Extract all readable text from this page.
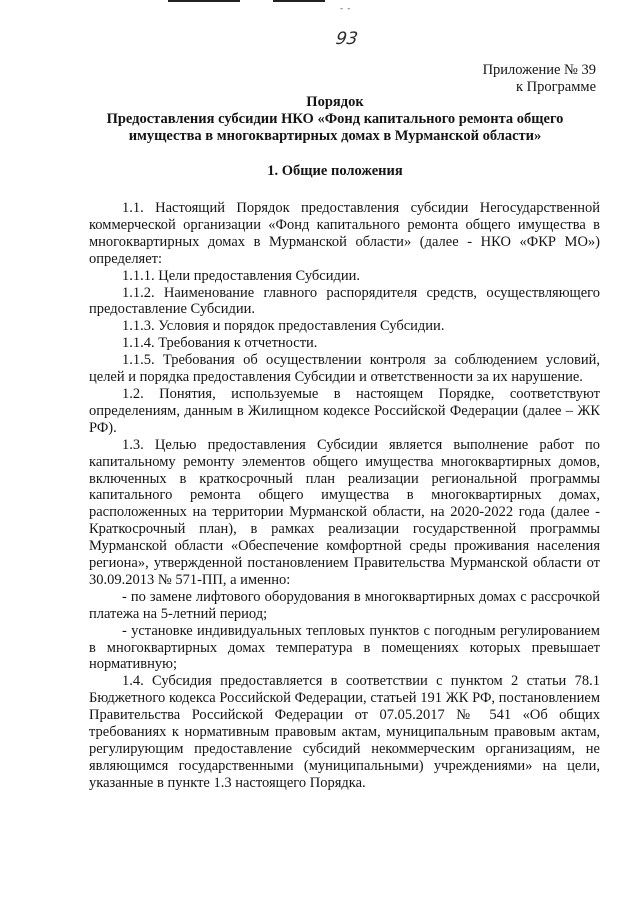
- -
93
Приложение № 39
к Программе
Порядок
Предоставления субсидии НКО «Фонд капитального ремонта общего
имущества в многоквартирных домах в Мурманской области»
1. Общие положения

1.1. Настоящий Порядок предоставления субсидии Негосударственной коммерческой организации «Фонд капитального ремонта общего имущества в многоквартирных домах в Мурманской области» (далее - НКО «ФКР МО») определяет:

1.1.1. Цели предоставления Субсидии.

1.1.2. Наименование главного распорядителя средств, осуществляющего предоставление Субсидии.

1.1.3. Условия и порядок предоставления Субсидии.

1.1.4. Требования к отчетности.

1.1.5. Требования об осуществлении контроля за соблюдением условий, целей и порядка предоставления Субсидии и ответственности за их нарушение.

1.2. Понятия, используемые в настоящем Порядке, соответствуют определениям, данным в Жилищном кодексе Российской Федерации (далее – ЖК РФ).

1.3. Целью предоставления Субсидии является выполнение работ по капитальному ремонту элементов общего имущества многоквартирных домов, включенных в краткосрочный план реализации региональной программы капитального ремонта общего имущества в многоквартирных домах, расположенных на территории Мурманской области, на 2020-2022 года (далее - Краткосрочный план), в рамках реализации государственной программы Мурманской области «Обеспечение комфортной среды проживания населения региона», утвержденной постановлением Правительства Мурманской области от 30.09.2013 № 571-ПП, а именно:

- по замене лифтового оборудования в многоквартирных домах с рассрочкой платежа на 5-летний период;

- установке индивидуальных тепловых пунктов с погодным регулированием в многоквартирных домах температура в помещениях которых превышает нормативную;

1.4. Субсидия предоставляется в соответствии с пунктом 2 статьи 78.1 Бюджетного кодекса Российской Федерации, статьей 191 ЖК РФ, постановлением Правительства Российской Федерации от 07.05.2017 № 541 «Об общих требованиях к нормативным правовым актам, муниципальным правовым актам, регулирующим предоставление субсидий некоммерческим организациям, не являющимся государственными (муниципальными) учреждениями» на цели, указанные в пункте 1.3 настоящего Порядка.
